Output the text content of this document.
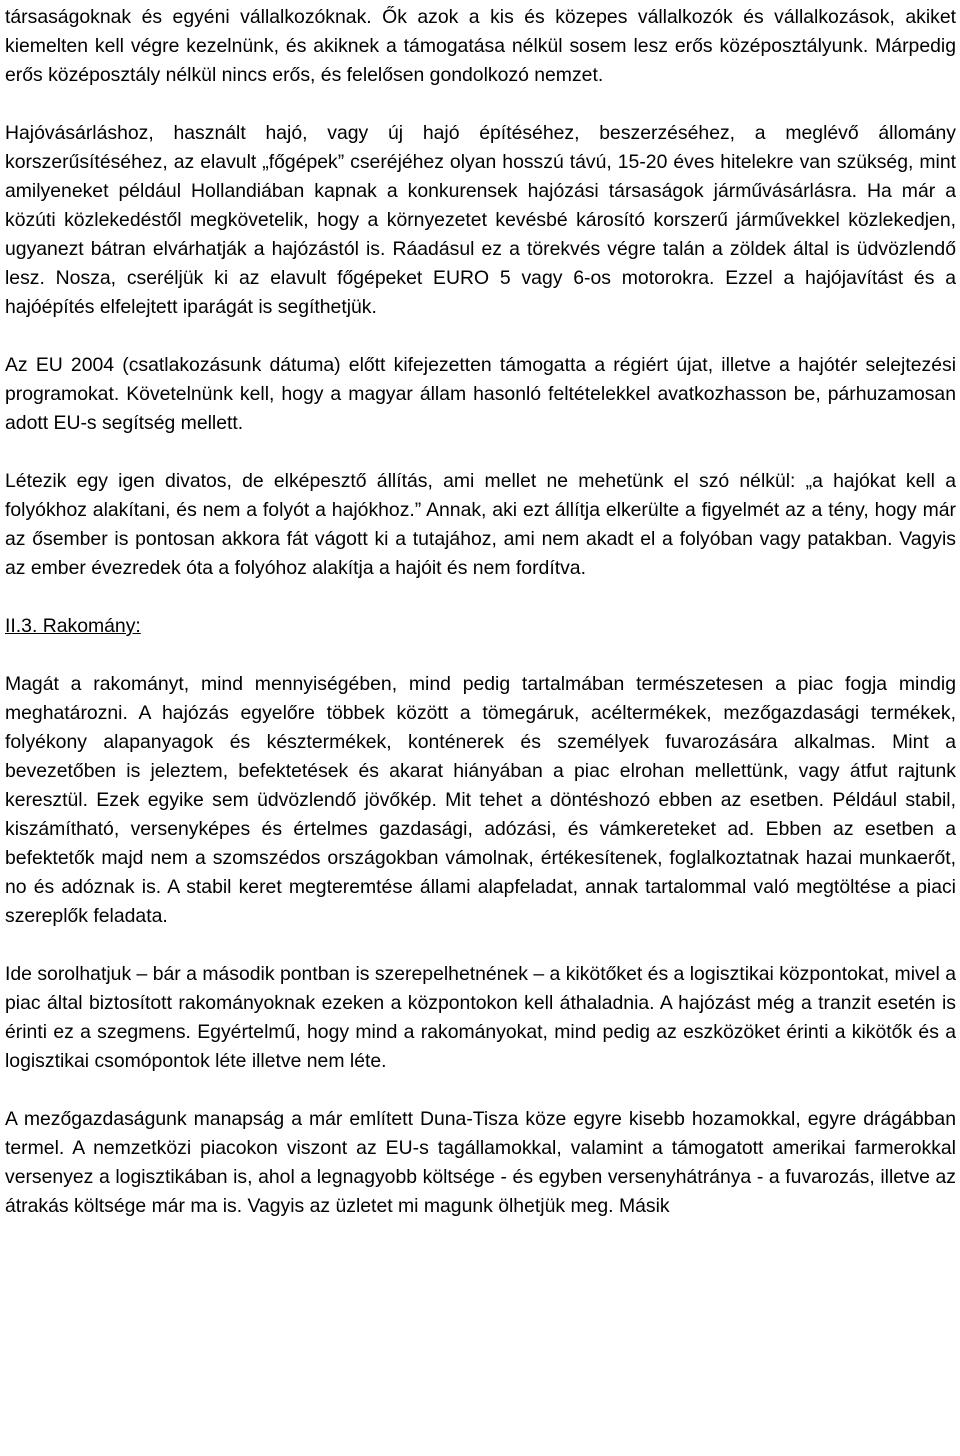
társaságoknak és egyéni vállalkozóknak. Ők azok a kis és közepes vállalkozók és vállalkozások, akiket kiemelten kell végre kezelnünk, és akiknek a támogatása nélkül sosem lesz erős középosztályunk. Márpedig erős középosztály nélkül nincs erős, és felelősen gondolkozó nemzet.

Hajóvásárláshoz, használt hajó, vagy új hajó építéséhez, beszerzéséhez, a meglévő állomány korszerűsítéséhez, az elavult „főgépek” cseréjéhez olyan hosszú távú, 15-20 éves hitelekre van szükség, mint amilyeneket például Hollandiában kapnak a konkurensek hajózási társaságok járművásárlásra. Ha már a közúti közlekedéstől megkövetelik, hogy a környezetet kevésbé károsító korszerű járművekkel közlekedjen, ugyanezt bátran elvárhatják a hajózástól is. Ráadásul ez a törekvés végre talán a zöldek által is üdvözlendő lesz. Nosza, cseréljük ki az elavult főgépeket EURO 5 vagy 6-os motorokra. Ezzel a hajójavítást és a hajóépítés elfelejtett iparágát is segíthetjük.

Az EU 2004 (csatlakozásunk dátuma) előtt kifejezetten támogatta a régiért újat, illetve a hajótér selejtezési programokat. Követelnünk kell, hogy a magyar állam hasonló feltételekkel avatkozhasson be, párhuzamosan adott EU-s segítség mellett.

Létezik egy igen divatos, de elképesztő állítás, ami mellet ne mehetünk el szó nélkül: „a hajókat kell a folyókhoz alakítani, és nem a folyót a hajókhoz.” Annak, aki ezt állítja elkerülte a figyelmét az a tény, hogy már az ősember is pontosan akkora fát vágott ki a tutajához, ami nem akadt el a folyóban vagy patakban. Vagyis az ember évezredek óta a folyóhoz alakítja a hajóit és nem fordítva.

II.3. Rakomány:

Magát a rakományt, mind mennyiségében, mind pedig tartalmában természetesen a piac fogja mindig meghatározni. A hajózás egyelőre többek között a tömegáruk, acéltermékek, mezőgazdasági termékek, folyékony alapanyagok és késztermékek, konténerek és személyek fuvarozására alkalmas. Mint a bevezetőben is jeleztem, befektetések és akarat hiányában a piac elrohan mellettünk, vagy átfut rajtunk keresztül. Ezek egyike sem üdvözlendő jövőkép. Mit tehet a döntéshozó ebben az esetben. Például stabil, kiszámítható, versenyképes és értelmes gazdasági, adózási, és vámkereteket ad. Ebben az esetben a befektetők majd nem a szomszédos országokban vámolnak, értékesítenek, foglalkoztatnak hazai munkaerőt, no és adóznak is. A stabil keret megteremtése állami alapfeladat, annak tartalommal való megtöltése a piaci szereplők feladata.

Ide sorolhatjuk – bár a második pontban is szerepelhetnének – a kikötőket és a logisztikai központokat, mivel a piac által biztosított rakományoknak ezeken a központokon kell áthaladnia. A hajózást még a tranzit esetén is érinti ez a szegmens. Egyértelmű, hogy mind a rakományokat, mind pedig az eszközöket érinti a kikötők és a logisztikai csomópontok léte illetve nem léte.

A mezőgazdaságunk manapság a már említett Duna-Tisza köze egyre kisebb hozamokkal, egyre drágábban termel. A nemzetközi piacokon viszont az EU-s tagállamokkal, valamint a támogatott amerikai farmerokkal versenyez a logisztikában is, ahol a legnagyobb költsége - és egyben versenyhátránya - a fuvarozás, illetve az átrakás költsége már ma is. Vagyis az üzletet mi magunk ölhetjük meg. Másik
